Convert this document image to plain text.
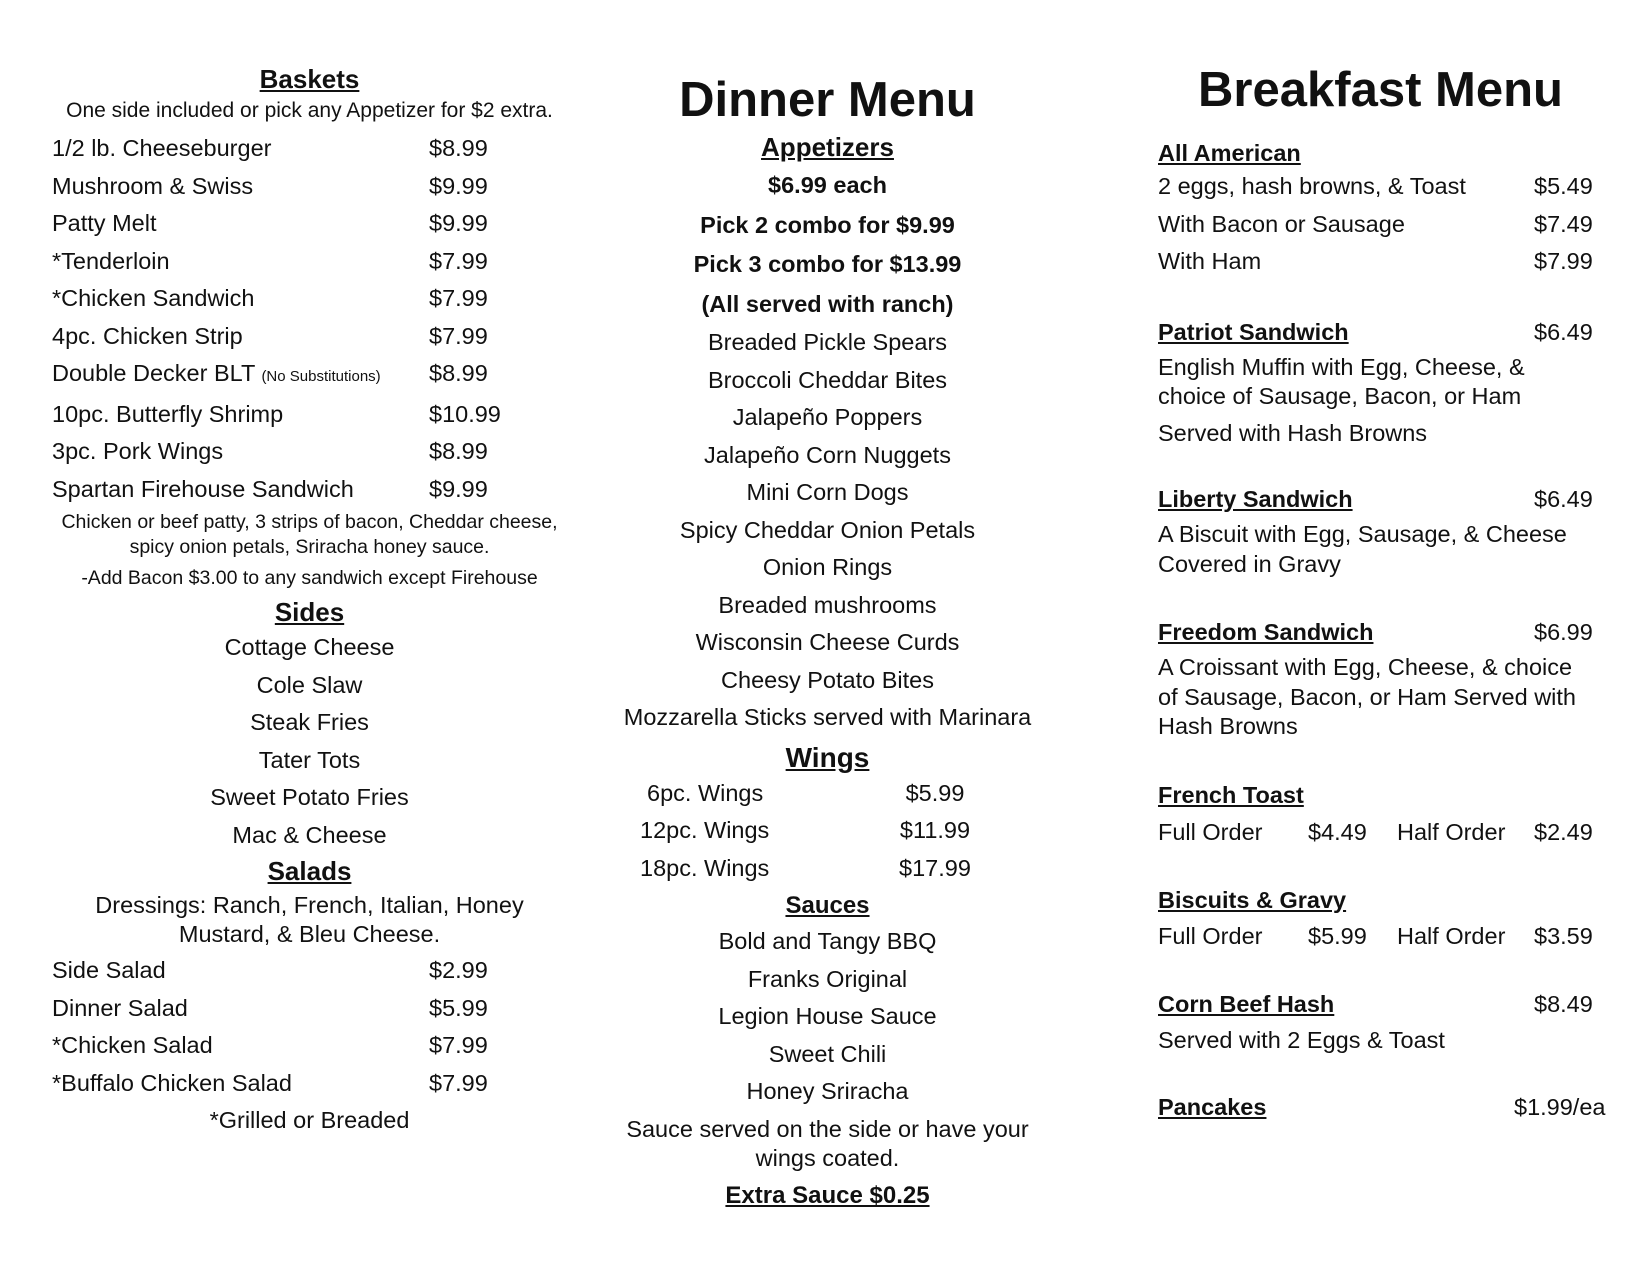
Baskets
One side included or pick any Appetizer for $2 extra.
1/2 lb. Cheeseburger	$8.99
Mushroom & Swiss	$9.99
Patty Melt	$9.99
*Tenderloin	$7.99
*Chicken Sandwich	$7.99
4pc. Chicken Strip	$7.99
Double Decker BLT (No Substitutions)	$8.99
10pc. Butterfly Shrimp	$10.99
3pc. Pork Wings	$8.99
Spartan Firehouse Sandwich	$9.99
Chicken or beef patty, 3 strips of bacon, Cheddar cheese, spicy onion petals, Sriracha honey sauce.
-Add Bacon $3.00 to any sandwich except Firehouse
Sides
Cottage Cheese
Cole Slaw
Steak Fries
Tater Tots
Sweet Potato Fries
Mac & Cheese
Salads
Dressings: Ranch, French, Italian, Honey Mustard, & Bleu Cheese.
Side Salad	$2.99
Dinner Salad	$5.99
*Chicken Salad	$7.99
*Buffalo Chicken Salad	$7.99
*Grilled or Breaded
Dinner Menu
Appetizers
$6.99 each
Pick 2 combo for $9.99
Pick 3 combo for $13.99
(All served with ranch)
Breaded Pickle Spears
Broccoli Cheddar Bites
Jalapeño Poppers
Jalapeño Corn Nuggets
Mini Corn Dogs
Spicy Cheddar Onion Petals
Onion Rings
Breaded mushrooms
Wisconsin Cheese Curds
Cheesy Potato Bites
Mozzarella Sticks served with Marinara
Wings
6pc. Wings	$5.99
12pc. Wings	$11.99
18pc. Wings	$17.99
Sauces
Bold and Tangy BBQ
Franks Original
Legion House Sauce
Sweet Chili
Honey Sriracha
Sauce served on the side or have your wings coated.
Extra Sauce $0.25
Breakfast Menu
All American
2 eggs, hash browns, & Toast	$5.49
With Bacon or Sausage	$7.49
With Ham	$7.99
Patriot Sandwich	$6.49
English Muffin with Egg, Cheese, &
choice of Sausage, Bacon, or Ham
Served with Hash Browns
Liberty Sandwich	$6.49
A Biscuit with Egg, Sausage, & Cheese
Covered in Gravy
Freedom Sandwich	$6.99
A Croissant with Egg, Cheese, & choice
of Sausage, Bacon, or Ham Served with
Hash Browns
French Toast
Full Order	$4.49	Half Order	$2.49
Biscuits & Gravy
Full Order	$5.99	Half Order	$3.59
Corn Beef Hash	$8.49
Served with 2 Eggs & Toast
Pancakes	$1.99/ea
